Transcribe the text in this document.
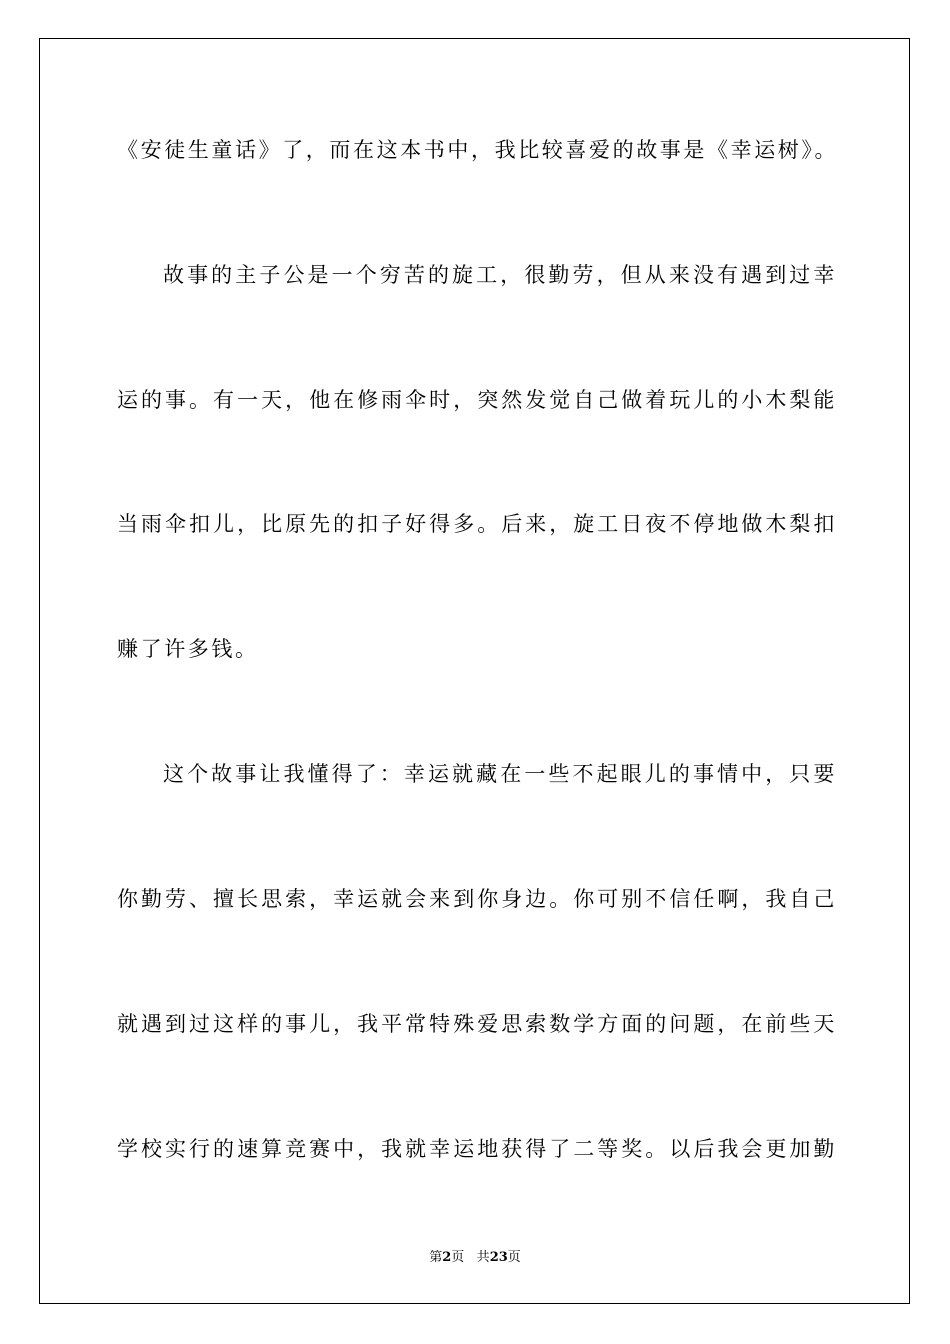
《安徒生童话》了，而在这本书中，我比较喜爱的故事是《幸运树》。
故事的主子公是一个穷苦的旋工，很勤劳，但从来没有遇到过幸
运的事。有一天，他在修雨伞时，突然发觉自己做着玩儿的小木梨能
当雨伞扣儿，比原先的扣子好得多。后来，旋工日夜不停地做木梨扣
赚了许多钱。
这个故事让我懂得了：幸运就藏在一些不起眼儿的事情中，只要
你勤劳、擅长思索，幸运就会来到你身边。你可别不信任啊，我自己
就遇到过这样的事儿，我平常特殊爱思索数学方面的问题，在前些天
学校实行的速算竞赛中，我就幸运地获得了二等奖。以后我会更加勤
第2页 共23页
